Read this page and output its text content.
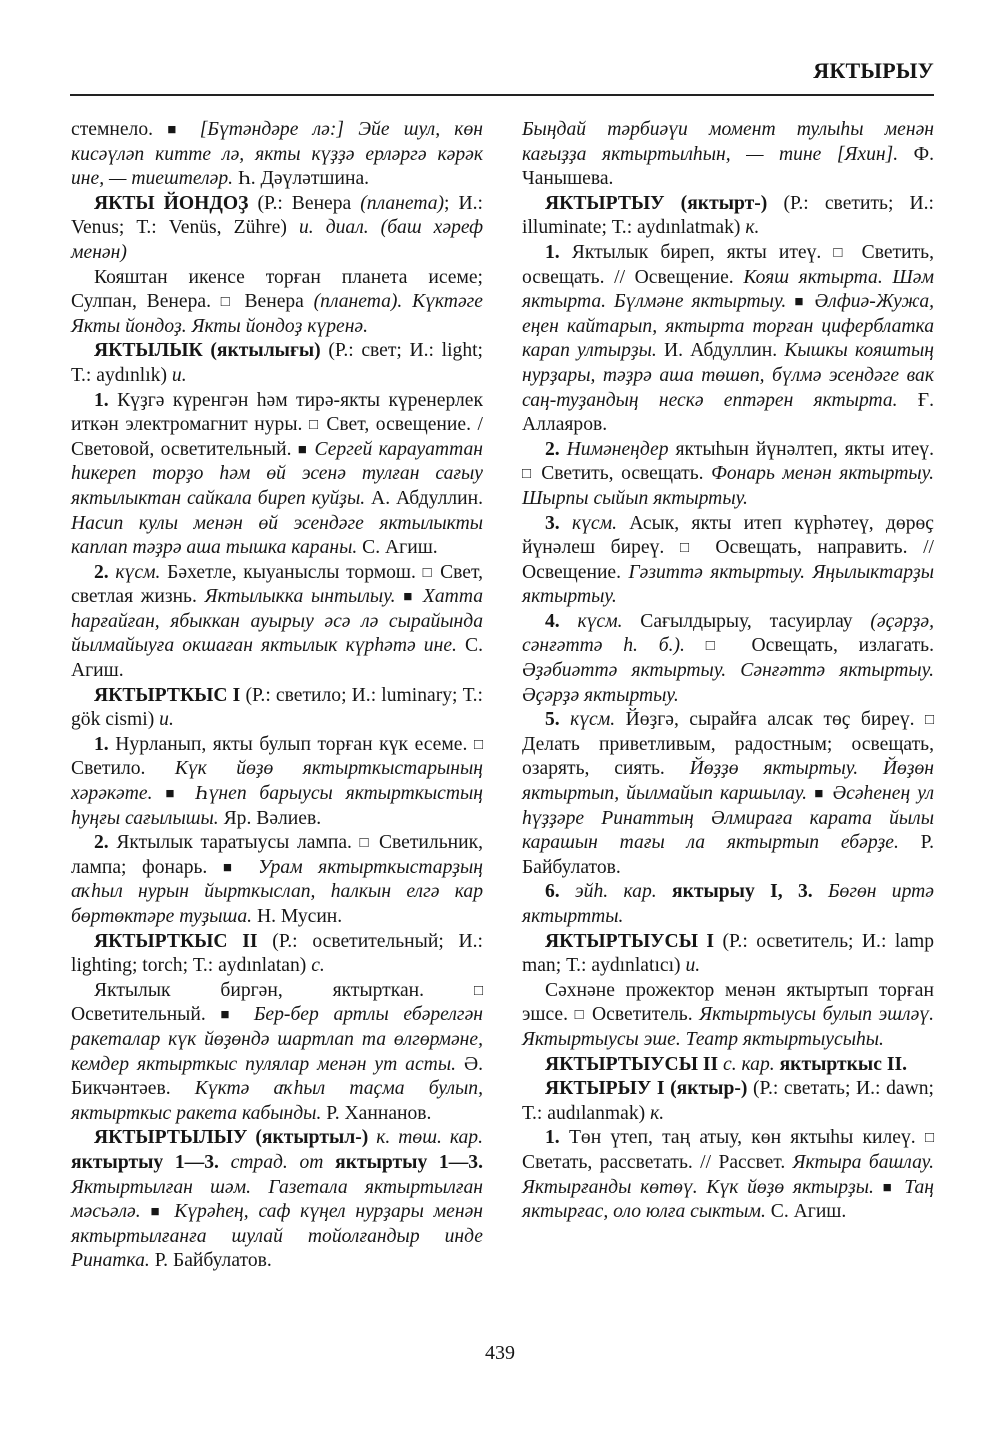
ЯКТЫРЫУ

стемнело. ■ [Бүтәндәре лә:] Эйе шул, көн кисәүләп китте лә, якты күҙҙә ерләргә кәрәк ине, — тиештеләр. Һ. Дәүләтшина.

ЯКТЫ ЙОНДОҘ (Р.: Венера (планета); И.: Venus; Т.: Venüs, Zühre) и. диал. (баш хәреф менән)

Кояштан икенсе торған планета исеме; Сулпан, Венера. □ Венера (планета). Күктәге Якты йондоҙ. Якты йондоҙ күренә.

ЯКТЫЛЫК (яктылығы) (Р.: свет; И.: light; Т.: aydınlık) и.

1. Күҙгә күренгән һәм тирә-якты күренерлек иткән электромагнит нуры. □ Свет, освещение. / Световой, осветительный. ■ Сергей карауаттан һикереп торҙо һәм өй эсенә тулған сағыу яктылыктан сайкала биреп куйҙы. А. Абдуллин. Насип кулы менән өй эсендәге яктылыкты каплап тәҙрә аша тышка караны. С. Агиш.

2. күсм. Бәхетле, кыуаныслы тормош. □ Свет, светлая жизнь. Яктылыкка ынтылыу. ■ Хатта һарғайған, ябыккан ауырыу әсә лә сырайында йылмайыуға окшаған яктылык күрһәтә ине. С. Агиш.

ЯКТЫРТКЫС I (Р.: светило; И.: luminary; Т.: gök cismi) и.

1. Нурланып, якты булып торған күк есеме. □ Светило. Күк йөҙө яктырткыстарының хәрәкәте. ■ Һүнеп барыусы яктырткыстың һуңғы сағылышы. Яр. Вәлиев.

2. Яктылык таратыусы лампа. □ Светильник, лампа; фонарь. ■ Урам яктырткыстарҙың аҡһыл нурын йырткыслап, һалкын елгә кар бөртөктәре туҙыша. Н. Мусин.

ЯКТЫРТКЫС II (Р.: осветительный; И.: lighting; torch; Т.: aydınlatan) с.

Яктылык биргән, яктырткан. □ Осветительный. ■ Бер-бер артлы ебәрелгән ракеталар күк йөҙөндә шартлап та өлгөрмәне, кемдер яктырткыс пулялар менән ут асты. Ә. Бикчәнтәев. Күктә аҡһыл таҫма булып, яктырткыс ракета кабынды. Р. Ханнанов.

ЯКТЫРТЫЛЫУ (яктыртыл-) к. төш. кар. яктыртыу 1—3. страд. от яктыртыу 1—3. Яктыртылған шәм. Газетала яктыртылған мәсьәлә. ■ Күрәһең, саф күңел нурҙары менән яктыртылғанға шулай тойолғандыр инде Ринатка. Р. Байбулатов.

Быңдай тәрбиәүи момент тулыһы менән кағыҙҙа яктыртылһын, — тине [Яхин]. Ф. Чанышева.

ЯКТЫРТЫУ (яктырт-) (Р.: светить; И.: illuminate; Т.: aydınlatmak) к.

1. Яктылык биреп, якты итеү. □ Светить, освещать. // Освещение. Кояш яктырта. Шәм яктырта. Бүлмәне яктыртыу. ■ Әлфиә-Жужа, еңен кайтарып, яктырта торған циферблатка карап ултырҙы. И. Абдуллин. Кышкы кояштың нурҙары, тәҙрә аша төшөп, бүлмә эсендәге вак саң-туҙандың нескә ептәрен яктырта. Ғ. Аллаяров.

2. Нимәнеңдер яктыһын йүнәлтеп, якты итеү. □ Светить, освещать. Фонарь менән яктыртыу. Шырпы сыйып яктыртыу.

3. күсм. Асык, якты итеп күрһәтеү, дөрөҫ йүнәлеш биреү. □ Освещать, направить. // Освещение. Гәзиттә яктыртыу. Яңылыктарҙы яктыртыу.

4. күсм. Сағылдырыу, тасуирлау (әҫәрҙә, сәнғәттә һ. б.). □ Освещать, излагать. Әҙәбиәттә яктыртыу. Сәнғәттә яктыртыу. Әҫәрҙә яктыртыу.

5. күсм. Йөҙгә, сырайға алсак төҫ биреү. □ Делать приветливым, радостным; освещать, озарять, сиять. Йөҙҙө яктыртыу. Йөҙөн яктыртып, йылмайып каршылау. ■ Әсәһенең ул һүҙҙәре Ринаттың Әлмираға карата йылы карашын тағы ла яктыртып ебәрҙе. Р. Байбулатов.

6. эйһ. кар. яктырыу I, 3. Бөгөн иртә яктыртты.

ЯКТЫРТЫУСЫ I (Р.: осветитель; И.: lamp man; Т.: aydınlatıcı) и.

Сәхнәне прожектор менән яктыртып торған эшсе. □ Осветитель. Яктыртыусы булып эшләү. Яктыртыусы эше. Театр яктыртыусыһы.

ЯКТЫРТЫУСЫ II с. кар. яктырткыс II.

ЯКТЫРЫУ I (яктыр-) (Р.: светать; И.: dawn; Т.: audılanmak) к.

1. Төн үтеп, таң атыу, көн яктыһы килеү. □ Светать, рассветать. // Рассвет. Яктыра башлау. Яктырғанды көтөү. Күк йөҙө яктырҙы. ■ Таң яктырғас, оло юлға сыктым. С. Агиш.

439
